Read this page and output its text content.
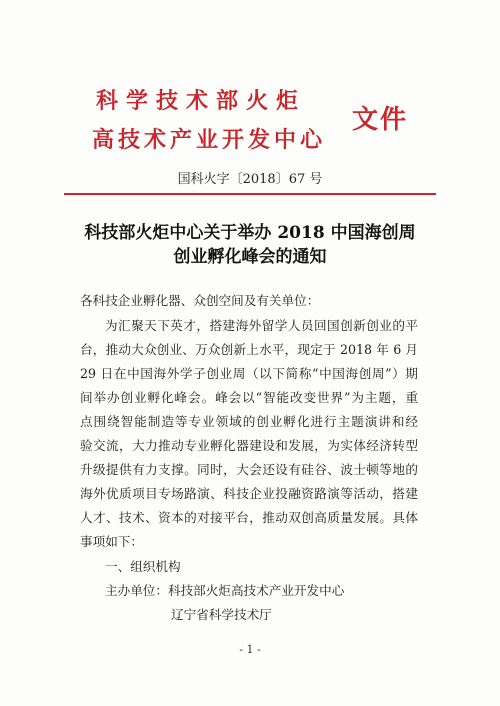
科学技术部火炬
高技术产业开发中心
文件
国科火字〔2018〕67 号
科技部火炬中心关于举办 2018 中国海创周
创业孵化峰会的通知
各科技企业孵化器、众创空间及有关单位：
为汇聚天下英才，搭建海外留学人员回国创新创业的平
台，推动大众创业、万众创新上水平，现定于 2018 年 6 月
29 日在中国海外学子创业周（以下简称“中国海创周”）期
间举办创业孵化峰会。峰会以“智能改变世界”为主题，重
点围绕智能制造等专业领域的创业孵化进行主题演讲和经
验交流，大力推动专业孵化器建设和发展，为实体经济转型
升级提供有力支撑。同时，大会还设有硅谷、波士顿等地的
海外优质项目专场路演、科技企业投融资路演等活动，搭建
人才、技术、资本的对接平台，推动双创高质量发展。具体
事项如下：
一、组织机构
主办单位：科技部火炬高技术产业开发中心
辽宁省科学技术厅
- 1 -
